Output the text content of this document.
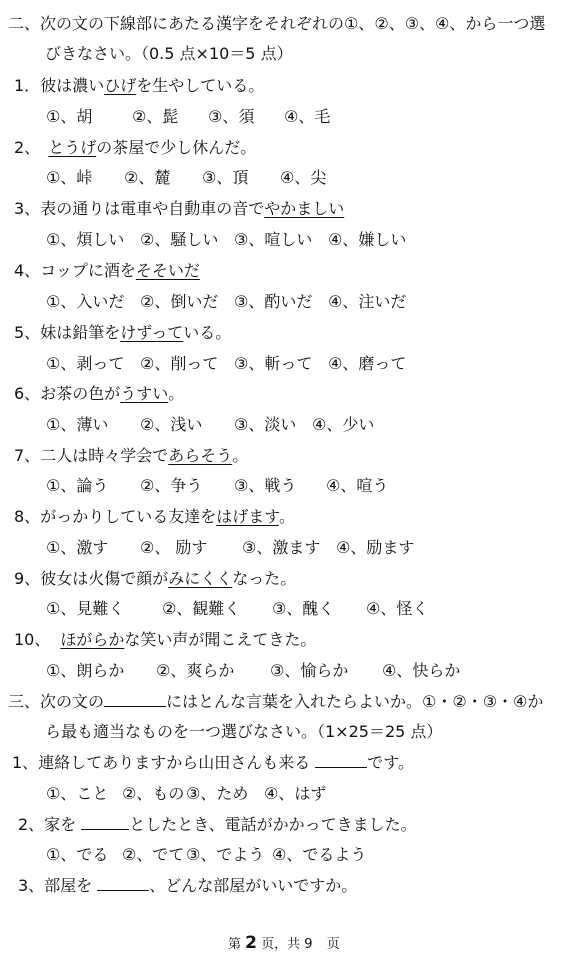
二、次の文の下線部にあたる漢字をそれぞれの①、②、③、④、から一つ選
びきなさい。（0.5 点×10＝5 点）
1．彼は濃いひげを生やしている。
①、胡 ②、髭 ③、須 ④、毛
2、 とうげの茶屋で少し休んだ。
①、峠 ②、麓 ③、頂 ④、尖
3、表の通りは電車や自動車の音でやかましい
①、煩しい ②、騒しい ③、喧しい ④、嫌しい
4、コップに酒をそそいだ
①、入いだ ②、倒いだ ③、酌いだ ④、注いだ
5、妹は鉛筆をけずっている。
①、剥って ②、削って ③、斬って ④、磨って
6、お茶の色がうすい。
①、薄い ②、浅い ③、淡い ④、少い
7、二人は時々学会であらそう。
①、論う ②、争う ③、戦う ④、喧う
8、がっかりしている友達をはげます。
①、激す ②、 励す ③、激ます ④、励ます
9、彼女は火傷で顔がみにくくなった。
①、見難く ②、観難く ③、醜く ④、怪く
10、 ほがらかな笑い声が聞こえてきた。
①、朗らか ②、爽らか ③、愉らか ④、快らか
三、次の文の	にはとんな言葉を入れたらよいか。①・②・③・④か
ら最も適当なものを一つ選びなさい。（1×25＝25 点）
1、連絡してありますから山田さんも来る	です。
①、こと ②、もの ③、ため ④、はず
2、家を	としたとき、電話がかかってきました。
①、でる ②、でて ③、でよう ④、でるよう
3、部屋を	、どんな部屋がいいですか。
第 2 页，共 9 页
